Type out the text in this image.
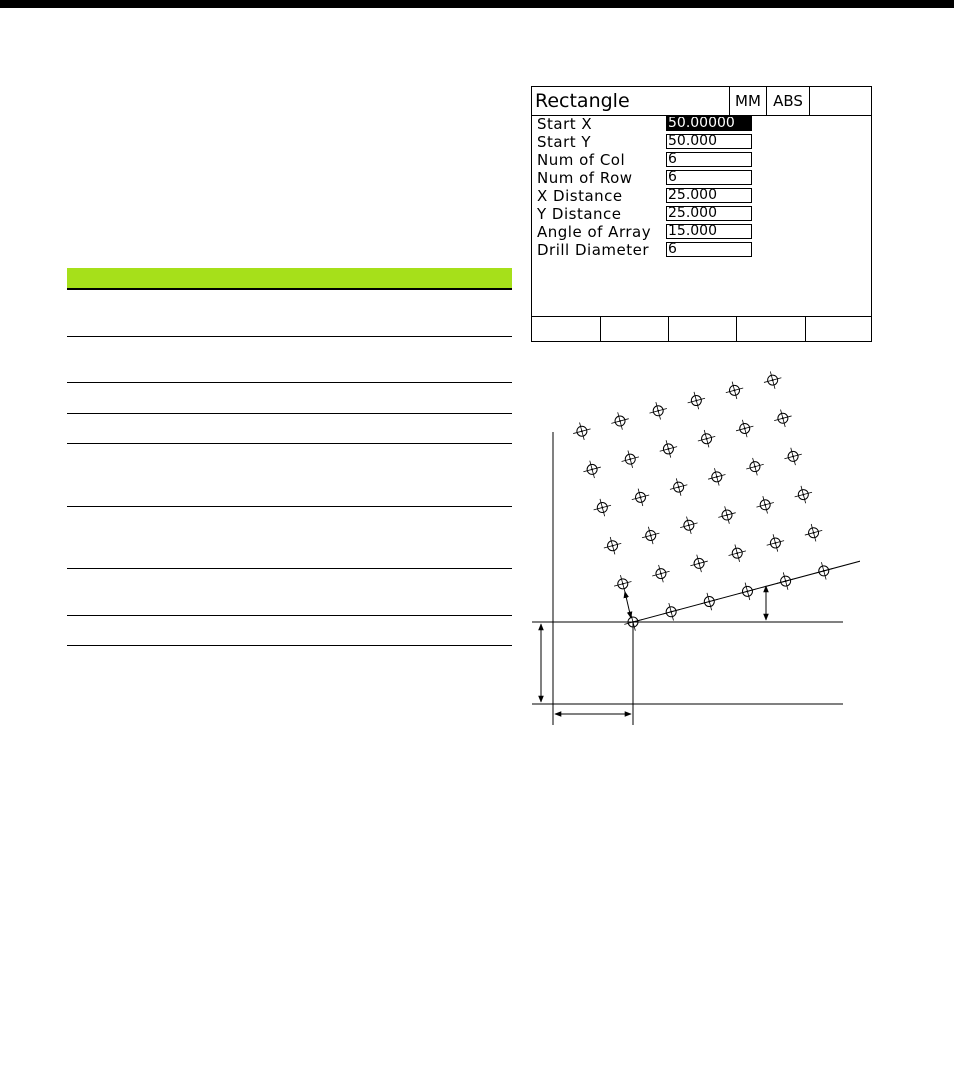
Rectangle	MM ABS
Start X	50.00000
Start Y	50.000
Num of Col	6
Num of Row	6
X Distance	25.000
Y Distance	25.000
Angle of Array 15.000
Drill Diameter 6
